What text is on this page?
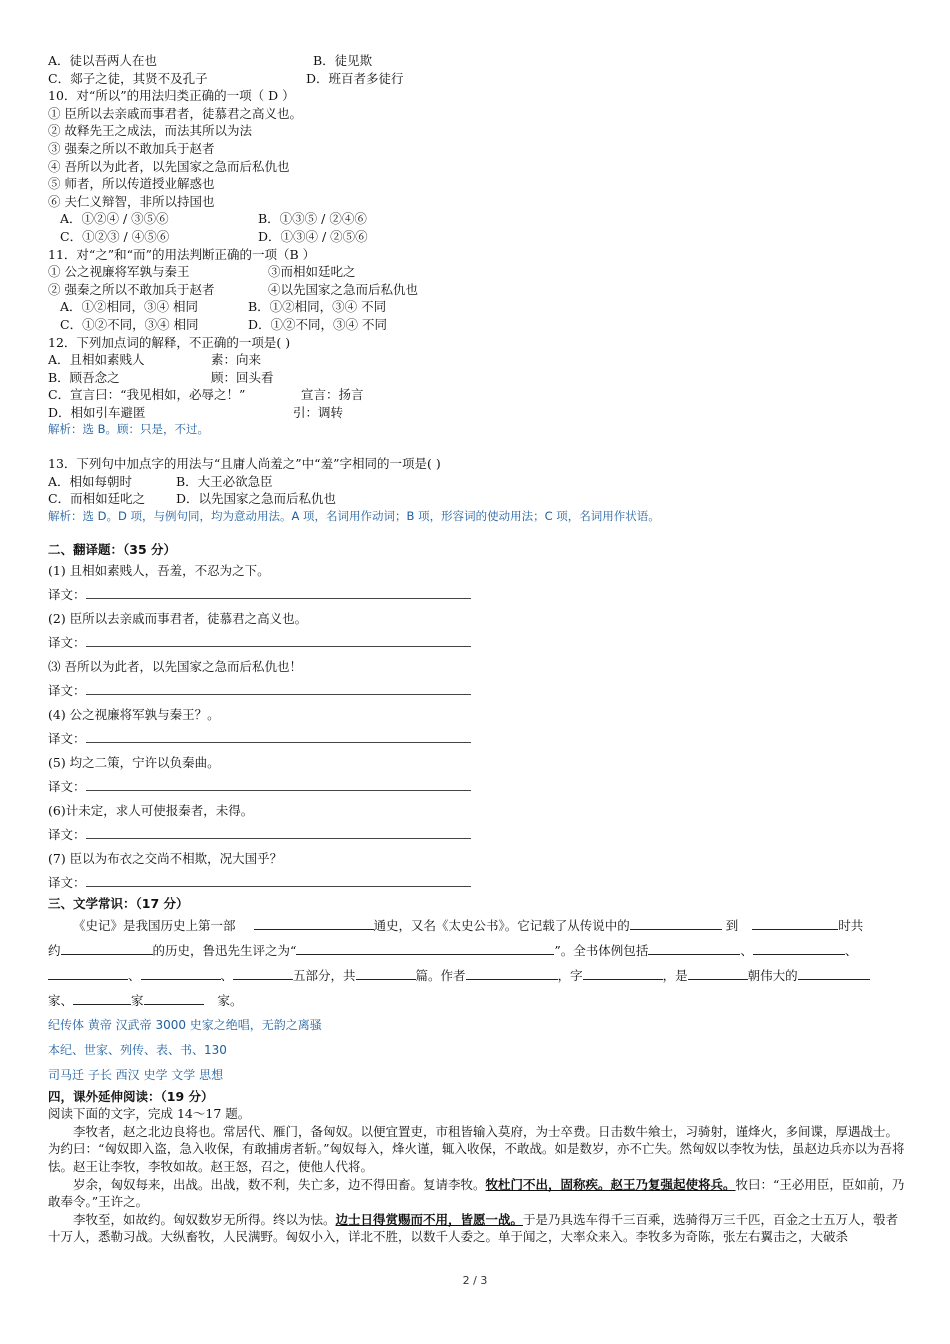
A．徒以吾两人在也	B．徒见欺
C．郯子之徒，其贤不及孔子	D．班百者多徒行
10．对“所以”的用法归类正确的一项（ D ）
① 臣所以去亲戚而事君者，徒慕君之高义也。
② 故释先王之成法，而法其所以为法
③ 强秦之所以不敢加兵于赵者
④ 吾所以为此者，以先国家之急而后私仇也
⑤ 师者，所以传道授业解惑也
⑥ 夫仁义辩智，非所以持国也
A．①②④ / ③⑤⑥	B．①③⑤ / ②④⑥
C．①②③ / ④⑤⑥	D．①③④ / ②⑤⑥
11．对“之”和“而”的用法判断正确的一项（B ）
① 公之视廉将军孰与秦王	③而相如廷叱之
② 强秦之所以不敢加兵于赵者	④以先国家之急而后私仇也
A．①②相同，③④ 相同	B．①②相同，③④ 不同
C．①②不同，③④ 相同	D．①②不同，③④ 不同
12．下列加点词的解释，不正确的一项是( )
A．且相如素贱人	素：向来
B．顾吾念之	顾：回头看
C．宣言曰：“我见相如，必辱之！”	宣言：扬言
D．相如引车避匿	引：调转
解析：选 B。顾：只是，不过。
13．下列句中加点字的用法与“且庸人尚羞之”中“羞”字相同的一项是( )
A．相如每朝时	B．大王必欲急臣
C．而相如廷叱之 D．以先国家之急而后私仇也
解析：选 D。D 项，与例句同，均为意动用法。A 项，名词用作动词；B 项，形容词的使动用法；C 项，名词用作状语。
二、翻译题：（35 分）
(1) 且相如素贱人，吾羞，不忍为之下。
译文：
(2) 臣所以去亲戚而事君者，徒慕君之高义也。
译文：
⑶ 吾所以为此者，以先国家之急而后私仇也！
译文：
(4) 公之视廉将军孰与秦王？。
译文：
(5) 均之二策，宁许以负秦曲。
译文：
(6)计未定，求人可使报秦者，未得。
译文：
(7) 臣以为布衣之交尚不相欺，况大国乎？
译文：
三、文学常识：（17 分）
《史记》是我国历史上第一部	通史，又名《太史公书》。它记载了从传说中的	到	时共
约	的历史，鲁迅先生评之为“	”。全书体例包括	、	、
、	、	五部分，共	篇。作者	，字	，是	朝伟大的
家、	家	家。
纪传体 黄帝 汉武帝 3000 史家之绝唱，无韵之离骚
本纪、世家、列传、表、书、130
司马迁 子长 西汉 史学 文学 思想
四，课外延伸阅读：（19 分）
阅读下面的文字，完成 14～17 题。
李牧者，赵之北边良将也。常居代、雁门，备匈奴。以便宜置吏，市租皆输入莫府，为士卒费。日击数牛飨士，习骑射，谨烽火，多间谍，厚遇战士。为约曰：“匈奴即入盗，急入收保，有敢捕虏者斩。”匈奴每入，烽火谨，辄入收保，不敢战。如是数岁，亦不亡失。然匈奴以李牧为怯，虽赵边兵亦以为吾将怯。赵王让李牧，李牧如故。赵王怒，召之，使他人代将。
岁余，匈奴每来，出战。出战，数不利，失亡多，边不得田畜。复请李牧。牧杜门不出，固称疾。赵王乃复强起使将兵。牧曰：“王必用臣，臣如前，乃敢奉令。”王许之。
李牧至，如故约。匈奴数岁无所得。终以为怯。边士日得赏赐而不用，皆愿一战。于是乃具选车得千三百乘，选骑得万三千匹，百金之士五万人，彀者十万人，悉勒习战。大纵畜牧，人民满野。匈奴小入，详北不胜，以数千人委之。单于闻之，大率众来入。李牧多为奇陈，张左右翼击之，大破杀
2 / 3
